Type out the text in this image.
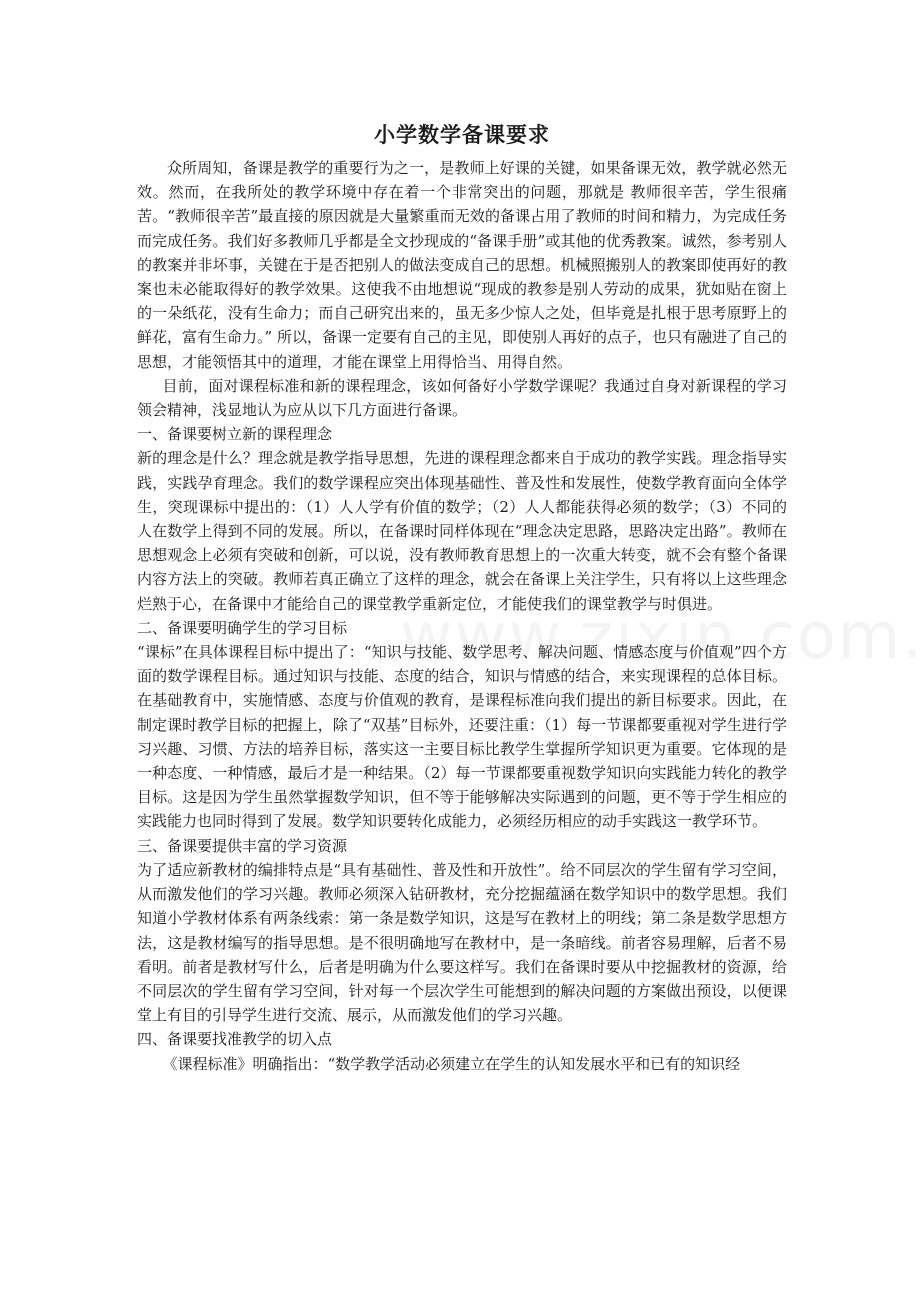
小学数学备课要求

众所周知，备课是教学的重要行为之一，是教师上好课的关键，如果备课无效，教学就必然无效。然而，在我所处的教学环境中存在着一个非常突出的问题，那就是 教师很辛苦，学生很痛苦。“教师很辛苦”最直接的原因就是大量繁重而无效的备课占用了教师的时间和精力，为完成任务而完成任务。我们好多教师几乎都是全文抄现成的“备课手册”或其他的优秀教案。诚然，参考别人的教案并非坏事，关键在于是否把别人的做法变成自己的思想。机械照搬别人的教案即使再好的教案也未必能取得好的教学效果。这使我不由地想说“现成的教参是别人劳动的成果，犹如贴在窗上的一朵纸花，没有生命力；而自己研究出来的，虽无多少惊人之处，但毕竟是扎根于思考原野上的鲜花，富有生命力。” 所以，备课一定要有自己的主见，即使别人再好的点子，也只有融进了自己的思想，才能领悟其中的道理，才能在课堂上用得恰当、用得自然。

目前，面对课程标准和新的课程理念，该如何备好小学数学课呢？我通过自身对新课程的学习领会精神，浅显地认为应从以下几方面进行备课。

一、备课要树立新的课程理念

新的理念是什么？理念就是教学指导思想，先进的课程理念都来自于成功的教学实践。理念指导实践，实践孕育理念。我们的数学课程应突出体现基础性、普及性和发展性，使数学教育面向全体学生，突现课标中提出的：（1）人人学有价值的数学；（2）人人都能获得必须的数学；（3）不同的人在数学上得到不同的发展。所以，在备课时同样体现在“理念决定思路，思路决定出路”。教师在思想观念上必须有突破和创新，可以说，没有教师教育思想上的一次重大转变，就不会有整个备课内容方法上的突破。教师若真正确立了这样的理念，就会在备课上关注学生，只有将以上这些理念烂熟于心，在备课中才能给自己的课堂教学重新定位，才能使我们的课堂教学与时俱进。

二、备课要明确学生的学习目标

“课标”在具体课程目标中提出了：“知识与技能、数学思考、解决问题、情感态度与价值观”四个方面的数学课程目标。通过知识与技能、态度的结合，知识与情感的结合，来实现课程的总体目标。在基础教育中，实施情感、态度与价值观的教育，是课程标准向我们提出的新目标要求。因此，在制定课时教学目标的把握上，除了“双基”目标外，还要注重：（1）每一节课都要重视对学生进行学习兴趣、习惯、方法的培养目标，落实这一主要目标比教学生掌握所学知识更为重要。它体现的是一种态度、一种情感，最后才是一种结果。（2）每一节课都要重视数学知识向实践能力转化的教学目标。这是因为学生虽然掌握数学知识，但不等于能够解决实际遇到的问题，更不等于学生相应的实践能力也同时得到了发展。数学知识要转化成能力，必须经历相应的动手实践这一教学环节。

三、备课要提供丰富的学习资源

为了适应新教材的编排特点是“具有基础性、普及性和开放性”。给不同层次的学生留有学习空间，从而激发他们的学习兴趣。教师必须深入钻研教材，充分挖掘蕴涵在数学知识中的数学思想。我们知道小学教材体系有两条线索：第一条是数学知识，这是写在教材上的明线；第二条是数学思想方法，这是教材编写的指导思想。是不很明确地写在教材中，是一条暗线。前者容易理解，后者不易看明。前者是教材写什么，后者是明确为什么要这样写。我们在备课时要从中挖掘教材的资源，给不同层次的学生留有学习空间，针对每一个层次学生可能想到的解决问题的方案做出预设，以便课堂上有目的引导学生进行交流、展示，从而激发他们的学习兴趣。

四、备课要找准教学的切入点

《课程标准》明确指出：“数学教学活动必须建立在学生的认知发展水平和已有的知识经
